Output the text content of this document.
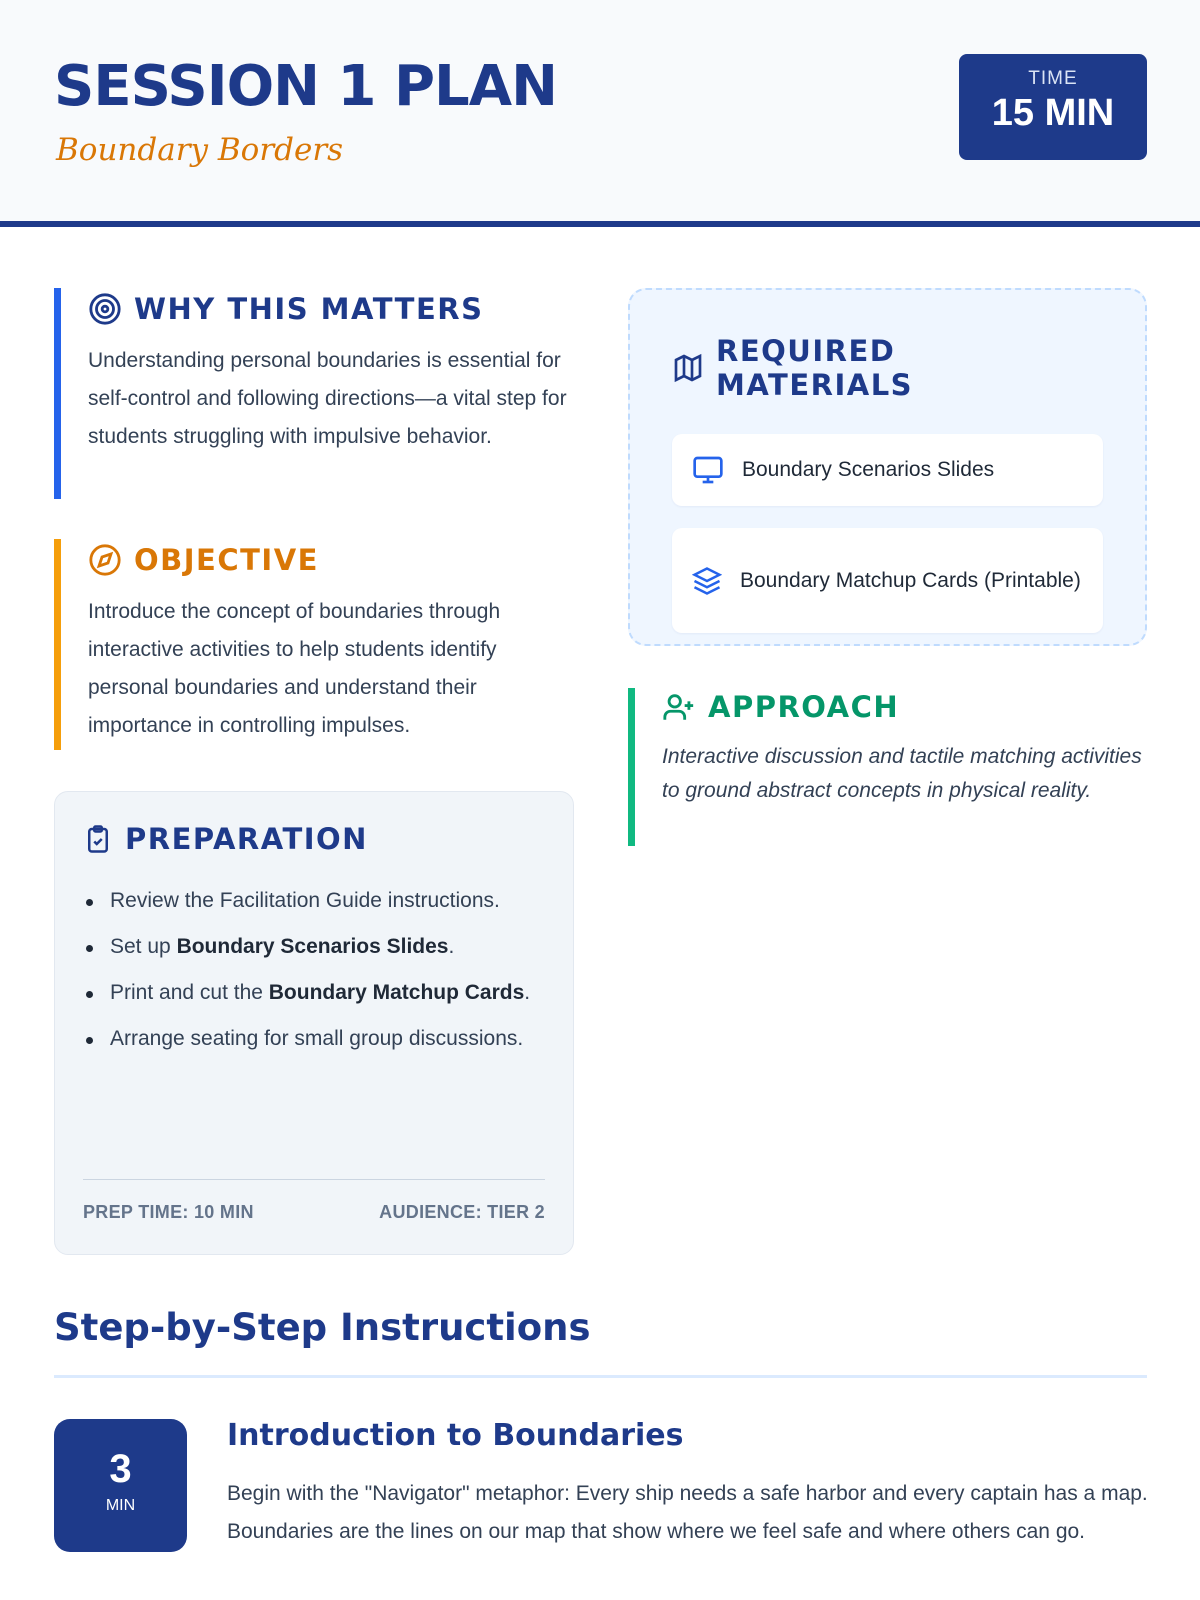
SESSION 1 PLAN
Boundary Borders
TIME
15 MIN
WHY THIS MATTERS

Understanding personal boundaries is essential for self-control and following directions—a vital step for students struggling with impulsive behavior.

OBJECTIVE

Introduce the concept of boundaries through interactive activities to help students identify personal boundaries and understand their importance in controlling impulses.

PREPARATION
Review the Facilitation Guide instructions.
Set up Boundary Scenarios Slides.
Print and cut the Boundary Matchup Cards.
Arrange seating for small group discussions.
PREP TIME: 10 MIN	AUDIENCE: TIER 2
REQUIRED MATERIALS
Boundary Scenarios Slides
Boundary Matchup Cards (Printable)
APPROACH

Interactive discussion and tactile matching activities to ground abstract concepts in physical reality.

Step-by-Step Instructions
3
MIN
Introduction to Boundaries

Begin with the "Navigator" metaphor: Every ship needs a safe harbor and every captain has a map. Boundaries are the lines on our map that show where we feel safe and where others can go.
